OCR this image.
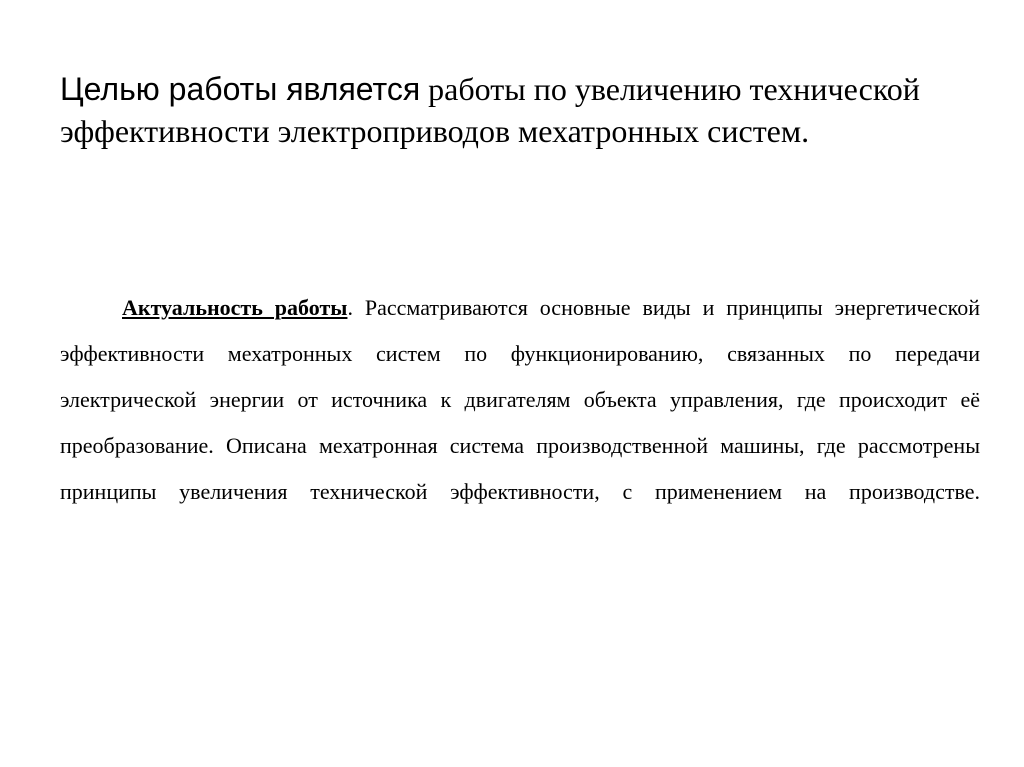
Целью работы является работы по увеличению технической эффективности электроприводов мехатронных систем.

Актуальность работы. Рассматриваются основные виды и принципы энергетической эффективности мехатронных систем по функционированию, связанных по передачи электрической энергии от источника к двигателям объекта управления, где происходит её преобразование. Описана мехатронная система производственной машины, где рассмотрены принципы увеличения технической эффективности, с применением на производстве.
